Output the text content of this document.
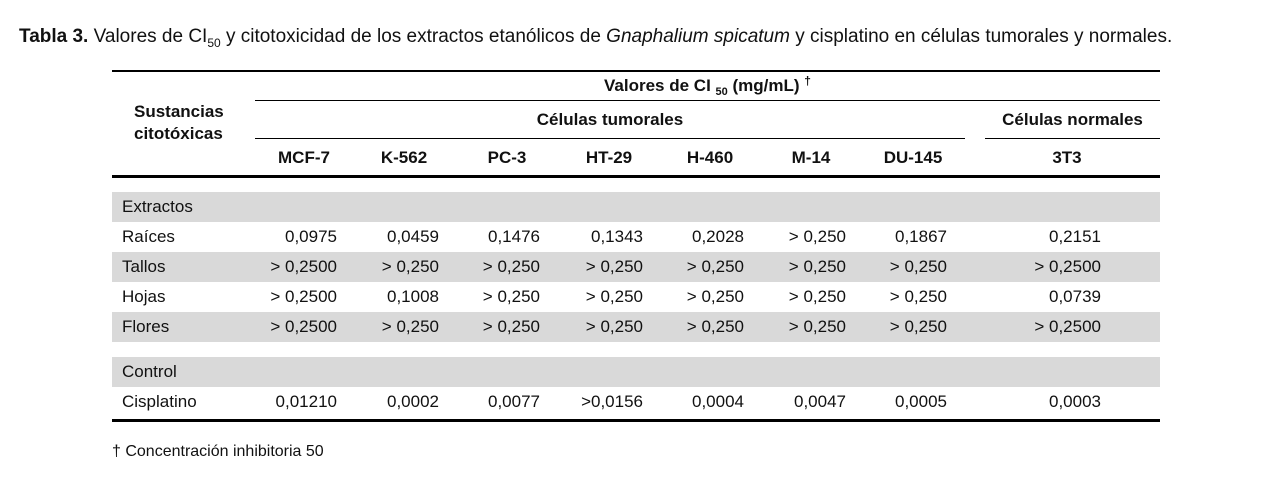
Tabla 3. Valores de $CI_{50}$ y citotoxicidad de los extractos etanólicos de Gnaphalium spicatum y cisplatino en células tumorales y normales.
Sustancias
citotóxicas
Valores de CI $_{50}$ (mg/mL) †
Células tumorales	Células normales
MCF-7	K-562	PC-3	HT-29	H-460	M-14	DU-145	3T3
Extractos
Raíces	0,0975	0,0459	0,1476	0,1343	0,2028	> 0,250	0,1867	0,2151
Tallos	> 0,2500	> 0,250	> 0,250	> 0,250	> 0,250	> 0,250	> 0,250	> 0,2500
Hojas	> 0,2500	0,1008	> 0,250	> 0,250	> 0,250	> 0,250	> 0,250	0,0739
Flores	> 0,2500	> 0,250	> 0,250	> 0,250	> 0,250	> 0,250	> 0,250	> 0,2500
Control
Cisplatino	0,01210	0,0002	0,0077	>0,0156	0,0004	0,0047	0,0005	0,0003
† Concentración inhibitoria 50
